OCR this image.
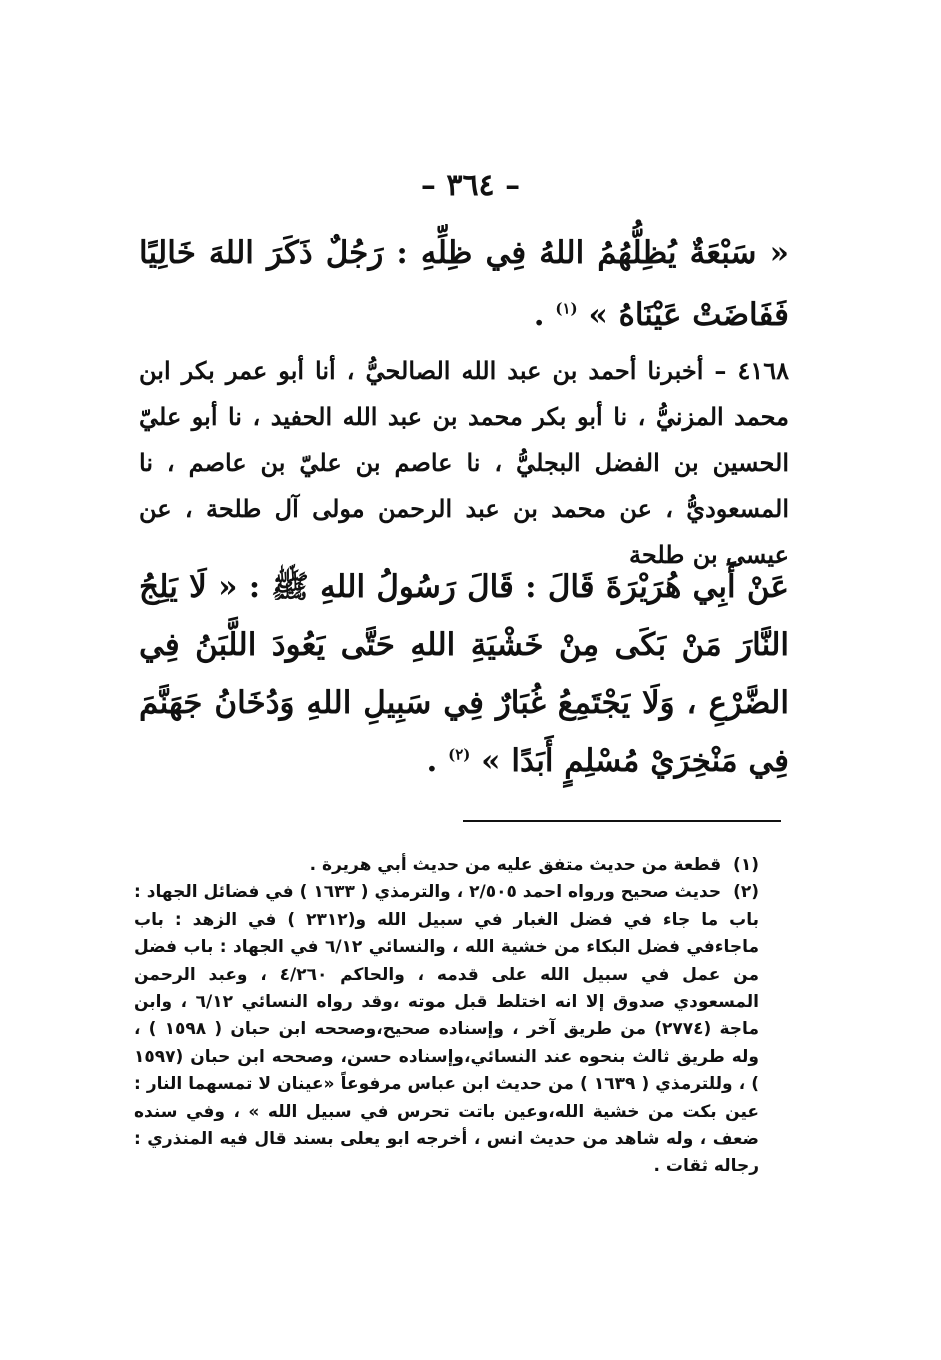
– ٣٦٤ –
« سَبْعَةٌ يُظِلُّهُمُ اللهُ فِي ظِلِّهِ : رَجُلٌ ذَكَرَ اللهَ خَالِيًا فَفَاضَتْ عَيْنَاهُ » $^{(١)}$ .
٤١٦٨ – أخبرنا أحمد بن عبد الله الصالحيُّ ، أنا أبو عمر بكر ابن محمد المزنيُّ ، نا أبو بكر محمد بن عبد الله الحفيد ، نا أبو عليّ الحسين بن الفضل البجليُّ ، نا عاصم بن عليّ بن عاصم ، نا المسعوديُّ ، عن محمد بن عبد الرحمن مولى آل طلحة ، عن عيسى بن طلحة
عَنْ أَبِي هُرَيْرَةَ قَالَ : قَالَ رَسُولُ اللهِ ﷺ : « لَا يَلِجُ النَّارَ مَنْ بَكَى مِنْ خَشْيَةِ اللهِ حَتَّى يَعُودَ اللَّبَنُ فِي الضَّرْعِ ، وَلَا يَجْتَمِعُ غُبَارٌ فِي سَبِيلِ اللهِ وَدُخَانُ جَهَنَّمَ فِي مَنْخِرَيْ مُسْلِمٍ أَبَدًا » $^{(٢)}$ .

(١) قطعة من حديث متفق عليه من حديث أبي هريرة .

(٢) حديث صحيح ورواه احمد ٢/٥٠٥ ، والترمذي ( ١٦٣٣ ) في فضائل الجهاد : باب ما جاء في فضل الغبار في سبيل الله و(٢٣١٢ ) في الزهد : باب ماجاءفي فضل البكاء من خشية الله ، والنسائي ٦/١٢ في الجهاد : باب فضل من عمل في سبيل الله على قدمه ، والحاكم ٤/٢٦٠ ، وعبد الرحمن المسعودي صدوق إلا انه اختلط قبل موته ،وقد رواه النسائي ٦/١٢ ، وابن ماجة (٢٧٧٤) من طريق آخر ، وإسناده صحيح،وصححه ابن حبان ( ١٥٩٨ ) ، وله طريق ثالث بنحوه عند النسائي،وإسناده حسن، وصححه ابن حبان (١٥٩٧ ) ، وللترمذي ( ١٦٣٩ ) من حديث ابن عباس مرفوعاً «عينان لا تمسهما النار : عين بكت من خشية الله،وعين باتت تحرس في سبيل الله » ، وفي سنده ضعف ، وله شاهد من حديث انس ، أخرجه ابو يعلى بسند قال فيه المنذري : رجاله ثقات .
